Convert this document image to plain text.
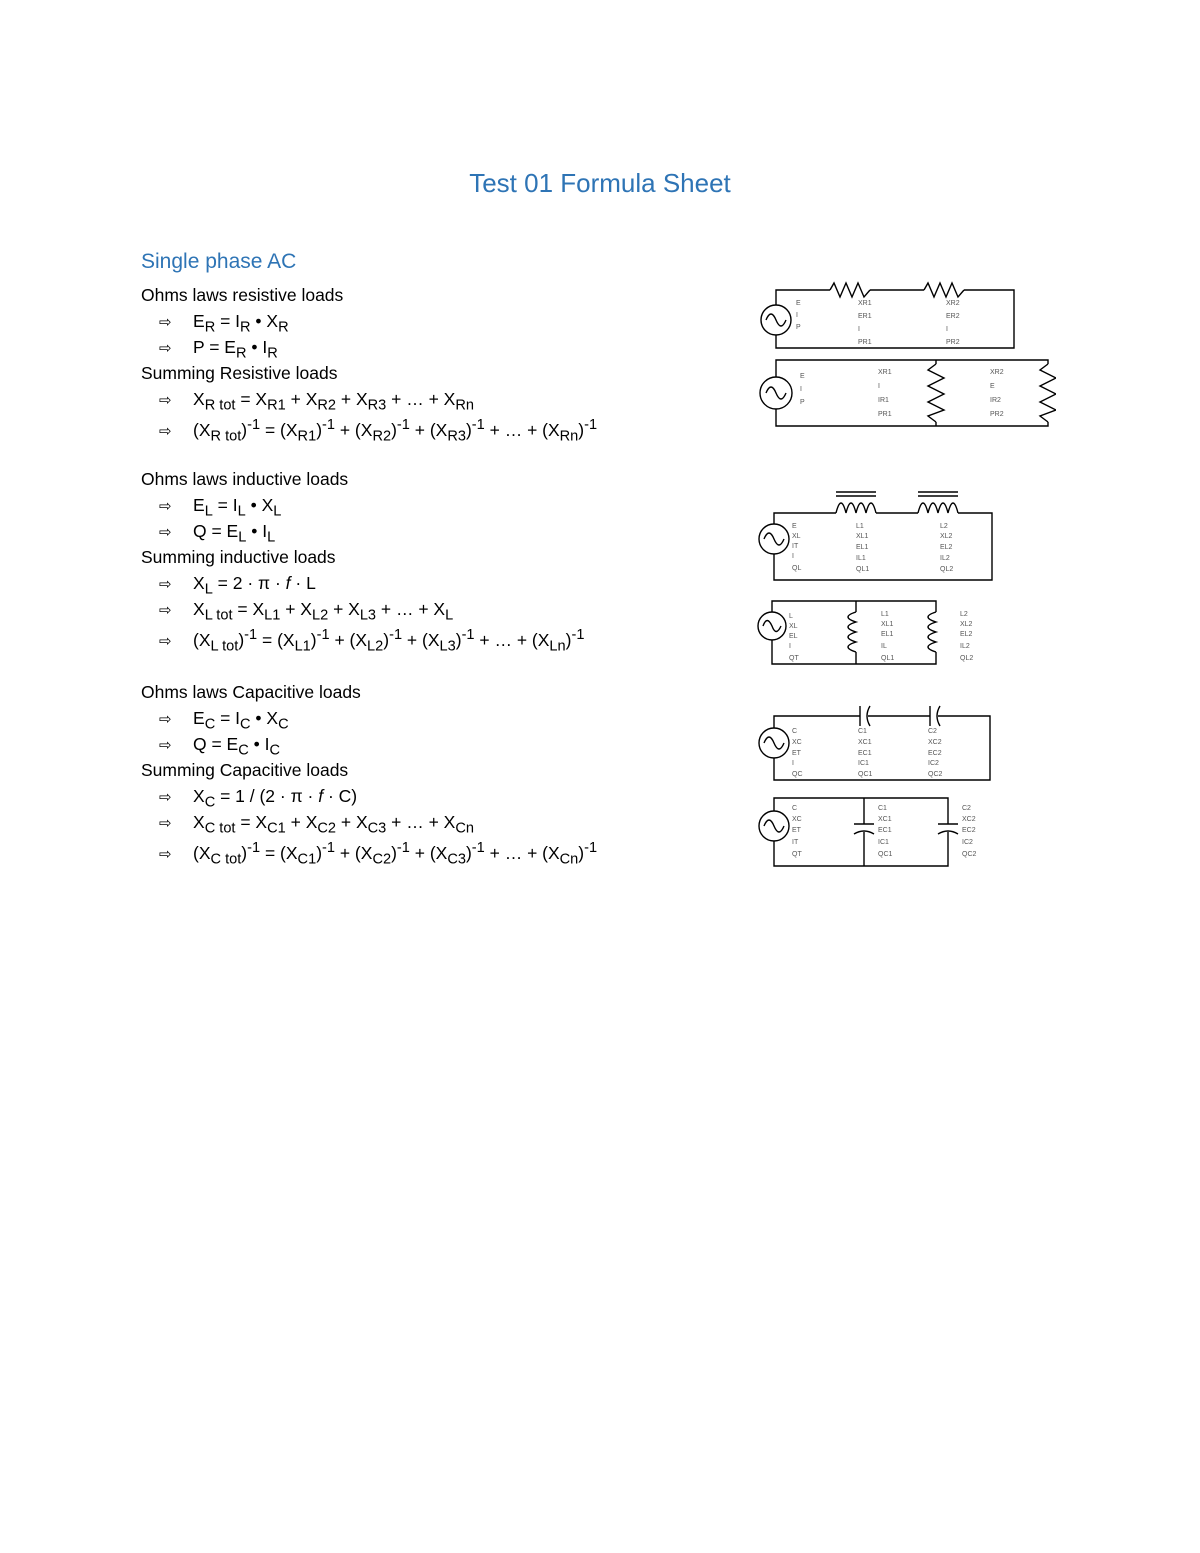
Test 01 Formula Sheet
Single phase AC
Ohms laws resistive loads
⇨ $E_R = I_R$ • $X_R$
⇨ $P = E_R$ • $I_R$
Summing Resistive loads
⇨ $X_{R tot} = X_{R1} + X_{R2} + X_{R3}$ + … + $X_{Rn}$
⇨ $(X_{R tot})^{-1} = (X_{R1})^{-1} + (X_{R2})^{-1} + (X_{R3})^{-1}$ + … + $(X_{Rn})^{-1}$
Ohms laws inductive loads
⇨ $E_L = I_L$ • $X_L$
⇨ $Q = E_L$ • $I_L$
Summing inductive loads
⇨ $X_L = 2 \cdot \pi \cdot f \cdot L$
⇨ $X_{L tot} = X_{L1} + X_{L2} + X_{L3}$ + … + $X_L$
⇨ $(X_{L tot})^{-1} = (X_{L1})^{-1} + (X_{L2})^{-1} + (X_{L3})^{-1}$ + … + $(X_{Ln})^{-1}$
Ohms laws Capacitive loads
⇨ $E_C = I_C$ • $X_C$
⇨ $Q = E_C$ • $I_C$
Summing Capacitive loads
⇨ $X_C = 1 / (2 \cdot \pi \cdot f \cdot C)$
⇨ $X_{C tot} = X_{C1} + X_{C2} + X_{C3}$ + … + $X_{Cn}$
⇨ $(X_{C tot})^{-1} = (X_{C1})^{-1} + (X_{C2})^{-1} + (X_{C3})^{-1}$ + … + $(X_{Cn})^{-1}$
E
I
P
XR1
ER1
I
PR1
XR2
ER2
I
PR2
E
I
P
XR1
I
IR1
PR1
XR2
E
IR2
PR2
E
XL
IT
I
QL
L1
XL1
EL1
IL1
QL1
L2
XL2
EL2
IL2
QL2
L
XL
EL
I
QT
L1
XL1
EL1
IL
QL1
L2
XL2
EL2
IL2
QL2
C
XC
ET
I
QC
C1
XC1
EC1
IC1
QC1
C2
XC2
EC2
IC2
QC2
C
XC
ET
IT
QT
C1
XC1
EC1
IC1
QC1
C2
XC2
EC2
IC2
QC2
